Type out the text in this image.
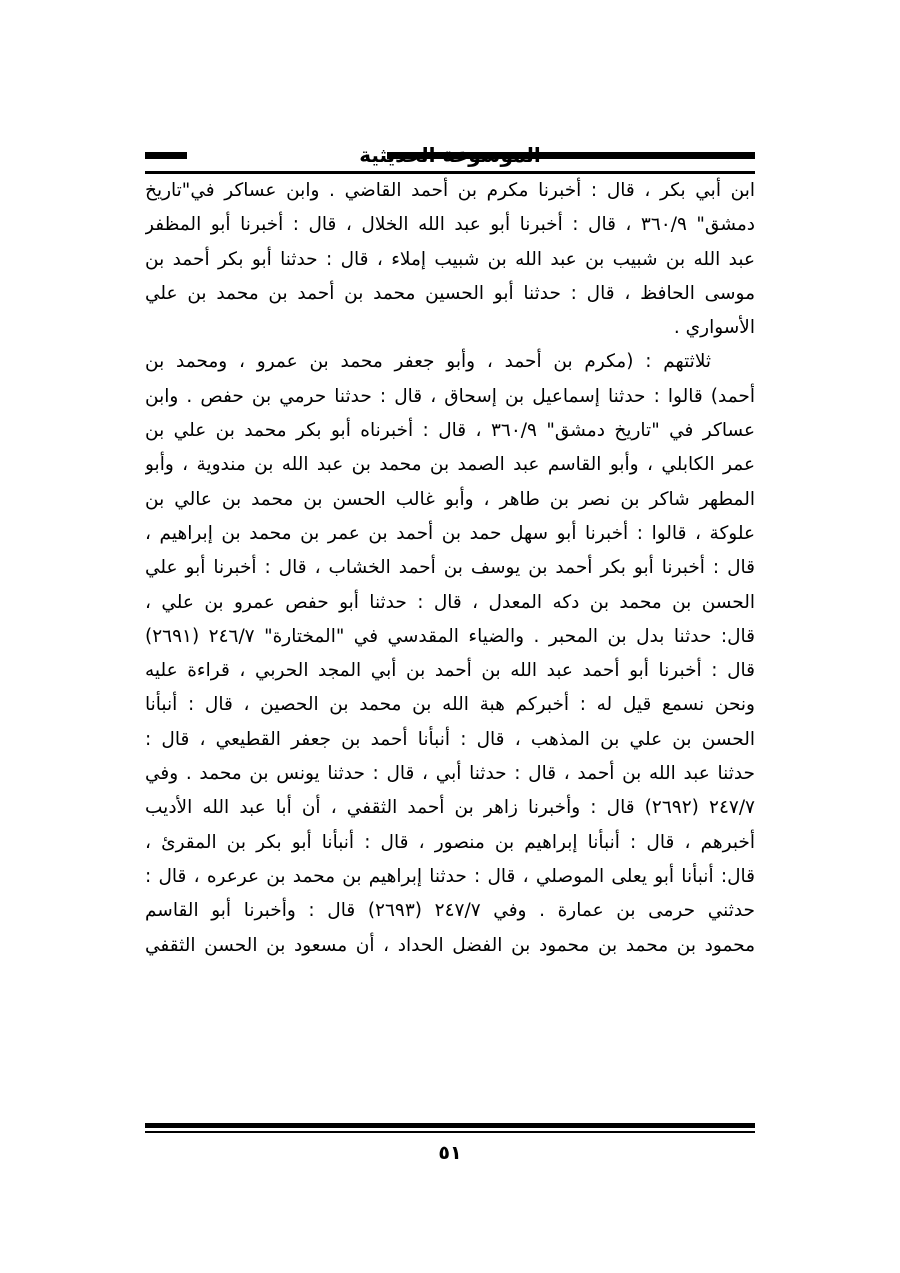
الموسوعة الحديثية
ابن أبي بكر ، قال : أخبرنا مكرم بن أحمد القاضي . وابن عساكر في"تاريخ
دمشق" ٣٦٠/٩ ، قال : أخبرنا أبو عبد الله الخلال ، قال : أخبرنا أبو المظفر
عبد الله بن شبيب بن عبد الله بن شبيب إملاء ، قال : حدثنا أبو بكر أحمد بن
موسى الحافظ ، قال : حدثنا أبو الحسين محمد بن أحمد بن محمد بن علي
الأسواري .
ثلاثتهم : (مكرم بن أحمد ، وأبو جعفر محمد بن عمرو ، ومحمد بن
أحمد) قالوا : حدثنا إسماعيل بن إسحاق ، قال : حدثنا حرمي بن حفص . وابن
عساكر في "تاريخ دمشق" ٣٦٠/٩ ، قال : أخبرناه أبو بكر محمد بن علي بن
عمر الكابلي ، وأبو القاسم عبد الصمد بن محمد بن عبد الله بن مندوية ، وأبو
المطهر شاكر بن نصر بن طاهر ، وأبو غالب الحسن بن محمد بن عالي بن
علوكة ، قالوا : أخبرنا أبو سهل حمد بن أحمد بن عمر بن محمد بن إبراهيم ،
قال : أخبرنا أبو بكر أحمد بن يوسف بن أحمد الخشاب ، قال : أخبرنا أبو علي
الحسن بن محمد بن دكه المعدل ، قال : حدثنا أبو حفص عمرو بن علي ،
قال: حدثنا بدل بن المحبر . والضياء المقدسي في "المختارة" ٢٤٦/٧ (٢٦٩١)
قال : أخبرنا أبو أحمد عبد الله بن أحمد بن أبي المجد الحربي ، قراءة عليه
ونحن نسمع قيل له : أخبركم هبة الله بن محمد بن الحصين ، قال : أنبأنا
الحسن بن علي بن المذهب ، قال : أنبأنا أحمد بن جعفر القطيعي ، قال :
حدثنا عبد الله بن أحمد ، قال : حدثنا أبي ، قال : حدثنا يونس بن محمد . وفي
٢٤٧/٧ (٢٦٩٢) قال : وأخبرنا زاهر بن أحمد الثقفي ، أن أبا عبد الله الأديب
أخبرهم ، قال : أنبأنا إبراهيم بن منصور ، قال : أنبأنا أبو بكر بن المقرئ ،
قال: أنبأنا أبو يعلى الموصلي ، قال : حدثنا إبراهيم بن محمد بن عرعره ، قال :
حدثني حرمى بن عمارة . وفي ٢٤٧/٧ (٢٦٩٣) قال : وأخبرنا أبو القاسم
محمود بن محمد بن محمود بن الفضل الحداد ، أن مسعود بن الحسن الثقفي
٥١
